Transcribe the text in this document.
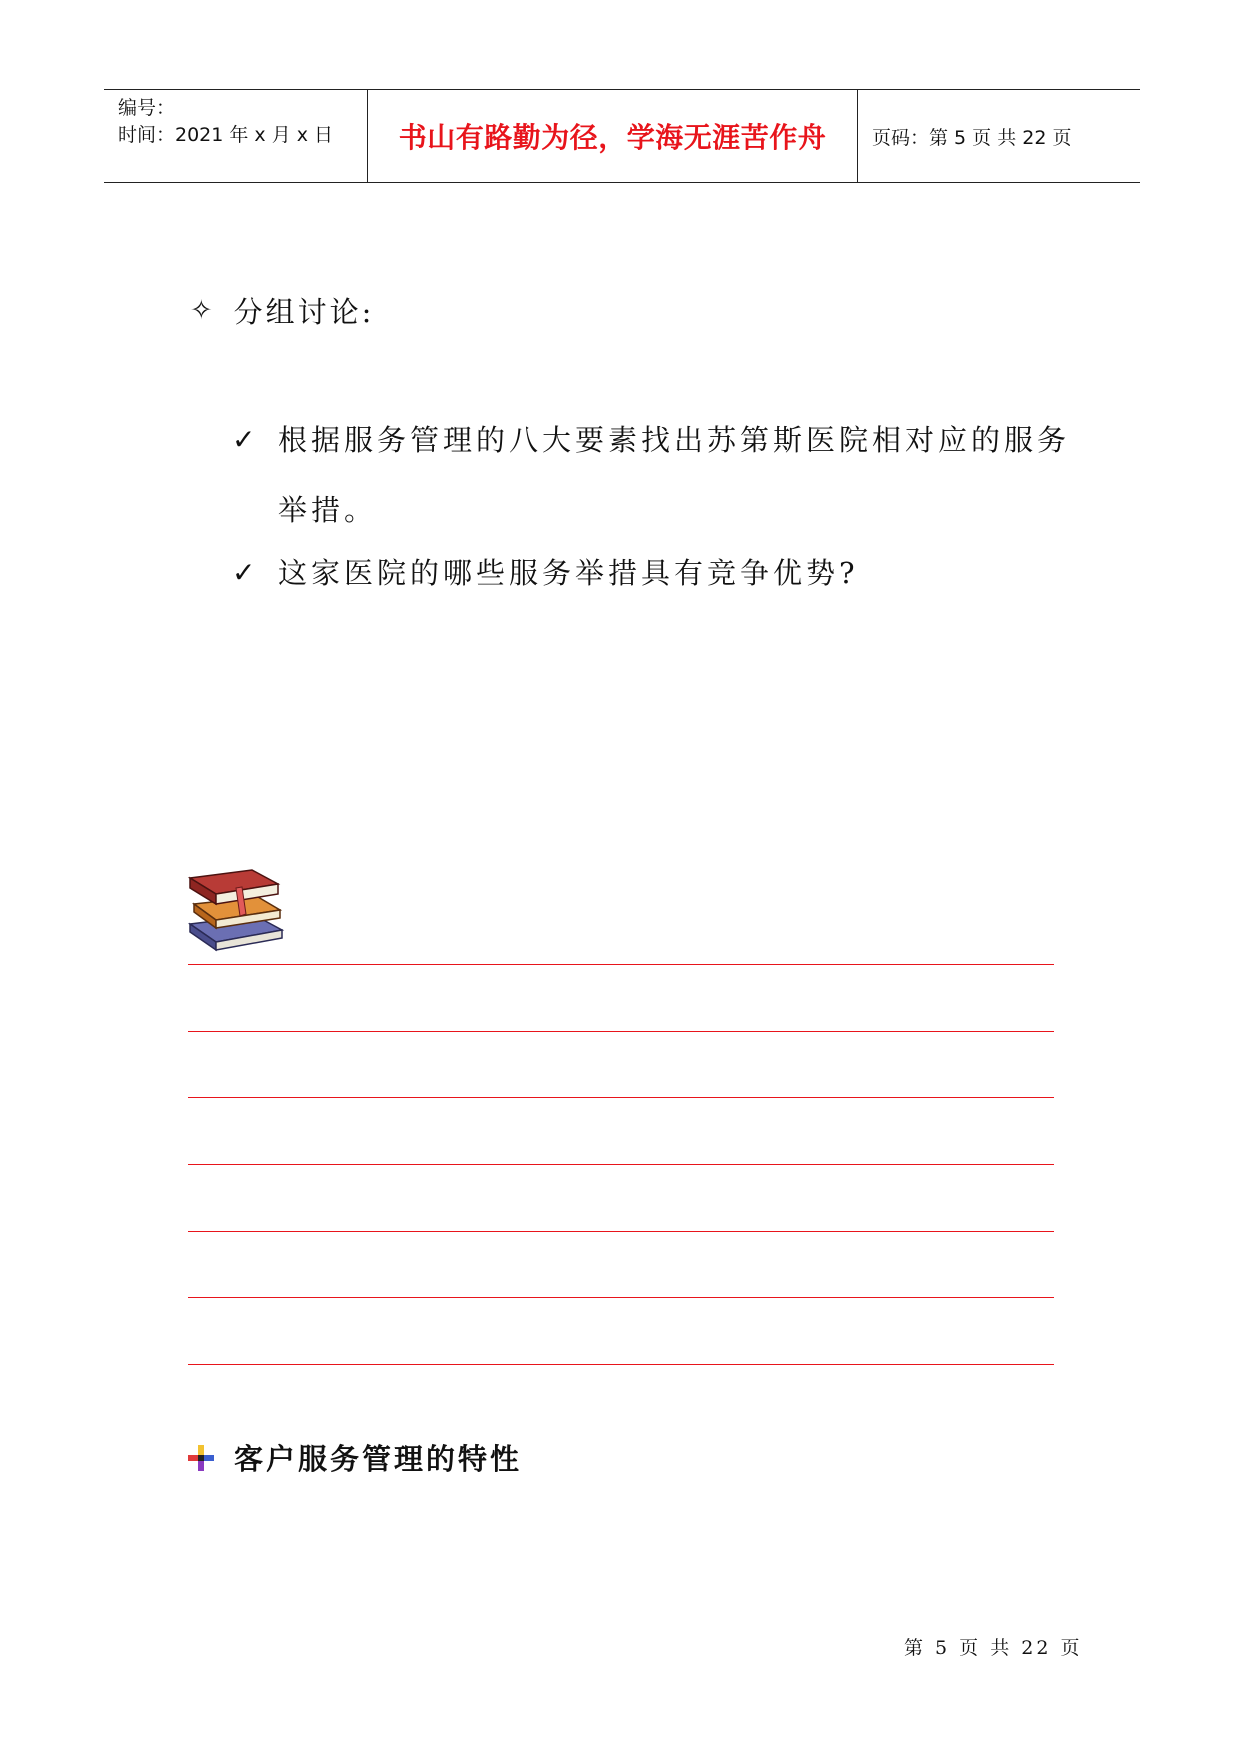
编号：
时间：2021 年 x 月 x 日 书山有路勤为径，学海无涯苦作舟 页码：第 5 页 共 22 页
✧ 分组讨论:
✓ 根据服务管理的八大要素找出苏第斯医院相对应的服务举措。
✓ 这家医院的哪些服务举措具有竞争优势?
客户服务管理的特性
第 5 页 共 22 页
